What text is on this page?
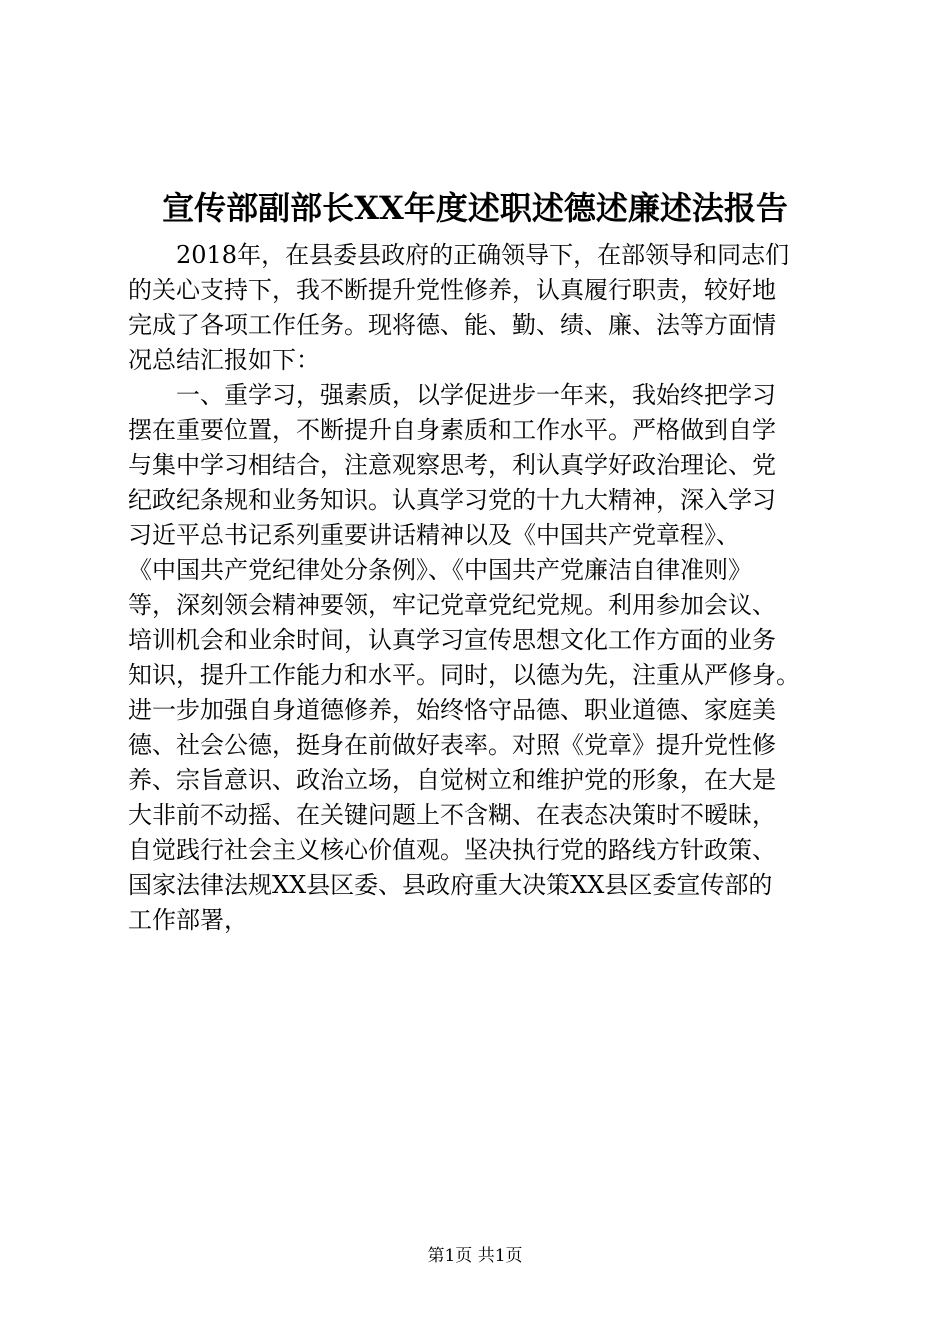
宣传部副部长XX年度述职述德述廉述法报告
2018年，在县委县政府的正确领导下，在部领导和同志们
的关心支持下，我不断提升党性修养，认真履行职责，较好地
完成了各项工作任务。现将德、能、勤、绩、廉、法等方面情
况总结汇报如下：
一、重学习，强素质，以学促进步一年来，我始终把学习
摆在重要位置，不断提升自身素质和工作水平。严格做到自学
与集中学习相结合，注意观察思考，利认真学好政治理论、党
纪政纪条规和业务知识。认真学习党的十九大精神，深入学习
习近平总书记系列重要讲话精神以及《中国共产党章程》、
《中国共产党纪律处分条例》、《中国共产党廉洁自律准则》
等，深刻领会精神要领，牢记党章党纪党规。利用参加会议、
培训机会和业余时间，认真学习宣传思想文化工作方面的业务
知识，提升工作能力和水平。同时，以德为先，注重从严修身。
进一步加强自身道德修养，始终恪守品德、职业道德、家庭美
德、社会公德，挺身在前做好表率。对照《党章》提升党性修
养、宗旨意识、政治立场，自觉树立和维护党的形象，在大是
大非前不动摇、在关键问题上不含糊、在表态决策时不暧昧，
自觉践行社会主义核心价值观。坚决执行党的路线方针政策、
国家法律法规XX县区委、县政府重大决策XX县区委宣传部的
工作部署，
第1页 共1页
